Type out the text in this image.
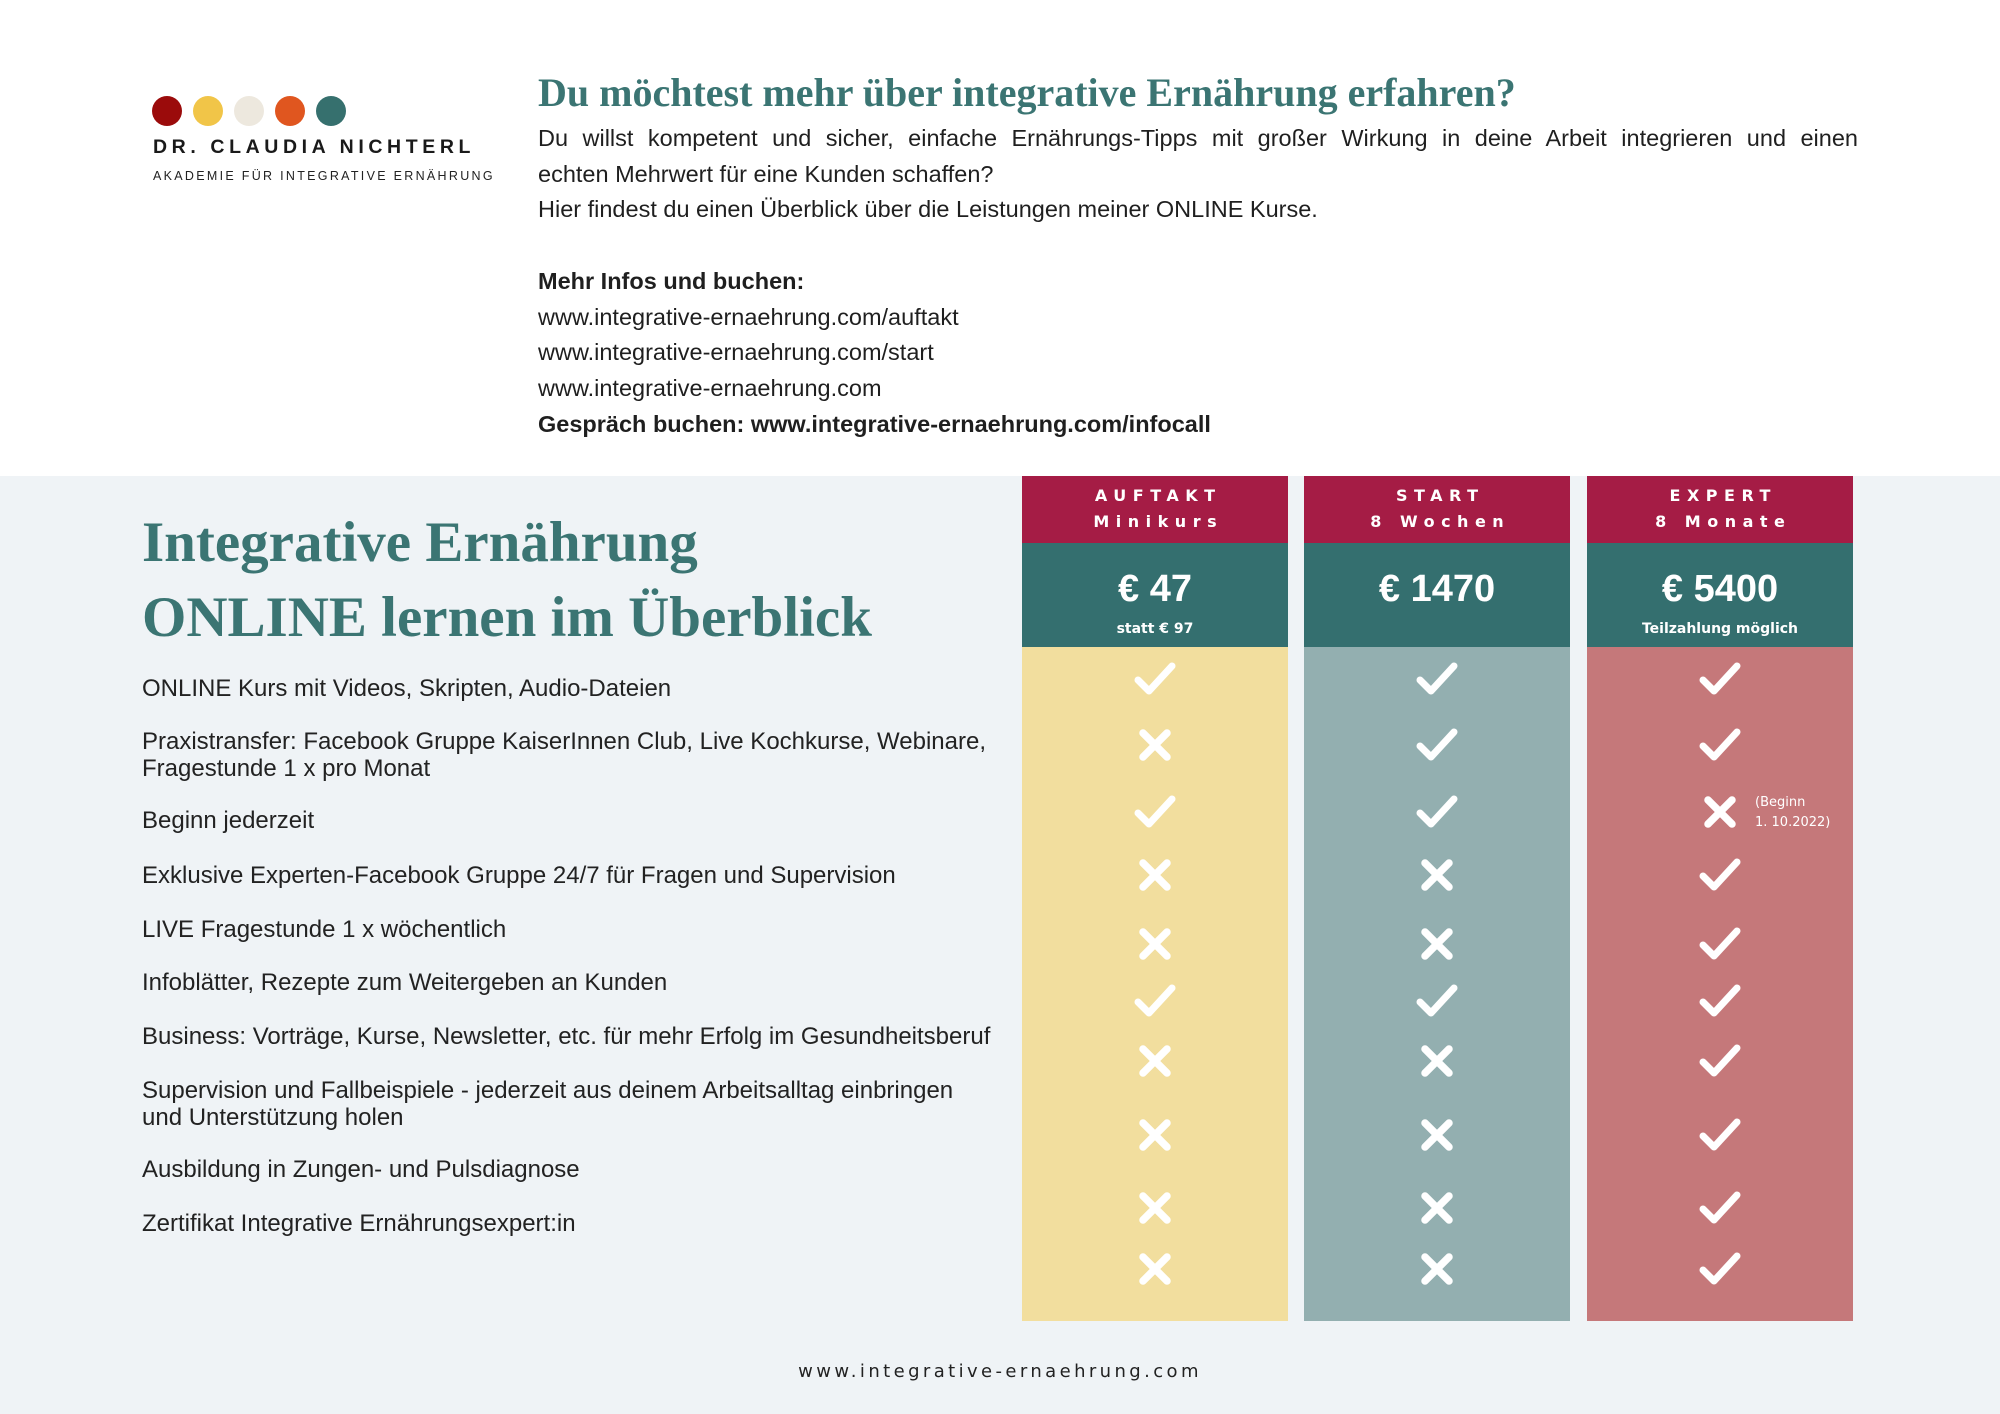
DR. CLAUDIA NICHTERL
AKADEMIE FÜR INTEGRATIVE ERNÄHRUNG
Du möchtest mehr über integrative Ernährung erfahren?
Du willst kompetent und sicher, einfache Ernährungs-Tipps mit großer Wirkung in deine Arbeit integrieren und einen
echten Mehrwert für eine Kunden schaffen?
Hier findest du einen Überblick über die Leistungen meiner ONLINE Kurse.
Mehr Infos und buchen:
www.integrative-ernaehrung.com/auftakt
www.integrative-ernaehrung.com/start
www.integrative-ernaehrung.com
Gespräch buchen: www.integrative-ernaehrung.com/infocall
Integrative Ernährung
ONLINE lernen im Überblick
ONLINE Kurs mit Videos, Skripten, Audio-Dateien
Praxistransfer: Facebook Gruppe KaiserInnen Club, Live Kochkurse, Webinare,
Fragestunde 1 x pro Monat
Beginn jederzeit
Exklusive Experten-Facebook Gruppe 24/7 für Fragen und Supervision
LIVE Fragestunde 1 x wöchentlich
Infoblätter, Rezepte zum Weitergeben an Kunden
Business: Vorträge, Kurse, Newsletter, etc. für mehr Erfolg im Gesundheitsberuf
Supervision und Fallbeispiele - jederzeit aus deinem Arbeitsalltag einbringen
und Unterstützung holen
Ausbildung in Zungen- und Pulsdiagnose
Zertifikat Integrative Ernährungsexpert:in
AUFTAKT
Minikurs
€ 47
statt € 97
START
8 Wochen
€ 1470
EXPERT
8 Monate
€ 5400
Teilzahlung möglich
(Beginn
1. 10.2022)
www.integrative-ernaehrung.com
